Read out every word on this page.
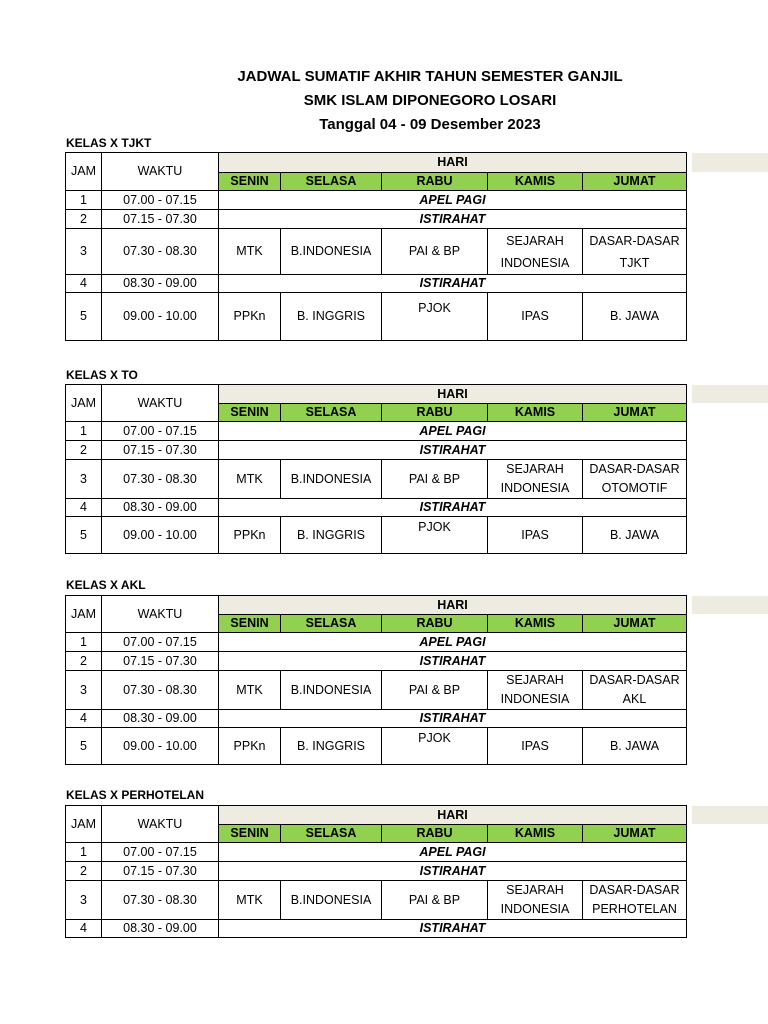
JADWAL SUMATIF AKHIR TAHUN SEMESTER GANJIL
SMK ISLAM DIPONEGORO LOSARI
Tanggal 04 - 09 Desember 2023
KELAS X TJKT
JAM	WAKTU	HARI				
		SENIN	SELASA	RABU	KAMIS	JUMAT
1	07.00 - 07.15	APEL PAGI				
2	07.15 - 07.30	ISTIRAHAT				
3	07.30 - 08.30	MTK	B.INDONESIA	PAI & BP	SEJARAH INDONESIA	DASAR-DASAR TJKT

4	08.30 - 09.00	ISTIRAHAT				
5	09.00 - 10.00	PPKn	B. INGGRIS	PJOK	IPAS	B. JAWA
KELAS X TO
JAM	WAKTU	HARI				
		SENIN	SELASA	RABU	KAMIS	JUMAT
1	07.00 - 07.15	APEL PAGI				
2	07.15 - 07.30	ISTIRAHAT				
3	07.30 - 08.30	MTK	B.INDONESIA	PAI & BP	SEJARAH INDONESIA	DASAR-DASAR OTOMOTIF

4	08.30 - 09.00	ISTIRAHAT				
5	09.00 - 10.00	PPKn	B. INGGRIS	PJOK	IPAS	B. JAWA
KELAS X AKL
JAM	WAKTU	HARI				
		SENIN	SELASA	RABU	KAMIS	JUMAT
1	07.00 - 07.15	APEL PAGI				
2	07.15 - 07.30	ISTIRAHAT				
3	07.30 - 08.30	MTK	B.INDONESIA	PAI & BP	SEJARAH INDONESIA	DASAR-DASAR AKL

4	08.30 - 09.00	ISTIRAHAT				
5	09.00 - 10.00	PPKn	B. INGGRIS	PJOK	IPAS	B. JAWA
KELAS X PERHOTELAN
JAM	WAKTU	HARI				
		SENIN	SELASA	RABU	KAMIS	JUMAT
1	07.00 - 07.15	APEL PAGI				
2	07.15 - 07.30	ISTIRAHAT				
3	07.30 - 08.30	MTK	B.INDONESIA	PAI & BP	SEJARAH INDONESIA	DASAR-DASAR PERHOTELAN

4	08.30 - 09.00	ISTIRAHAT				
